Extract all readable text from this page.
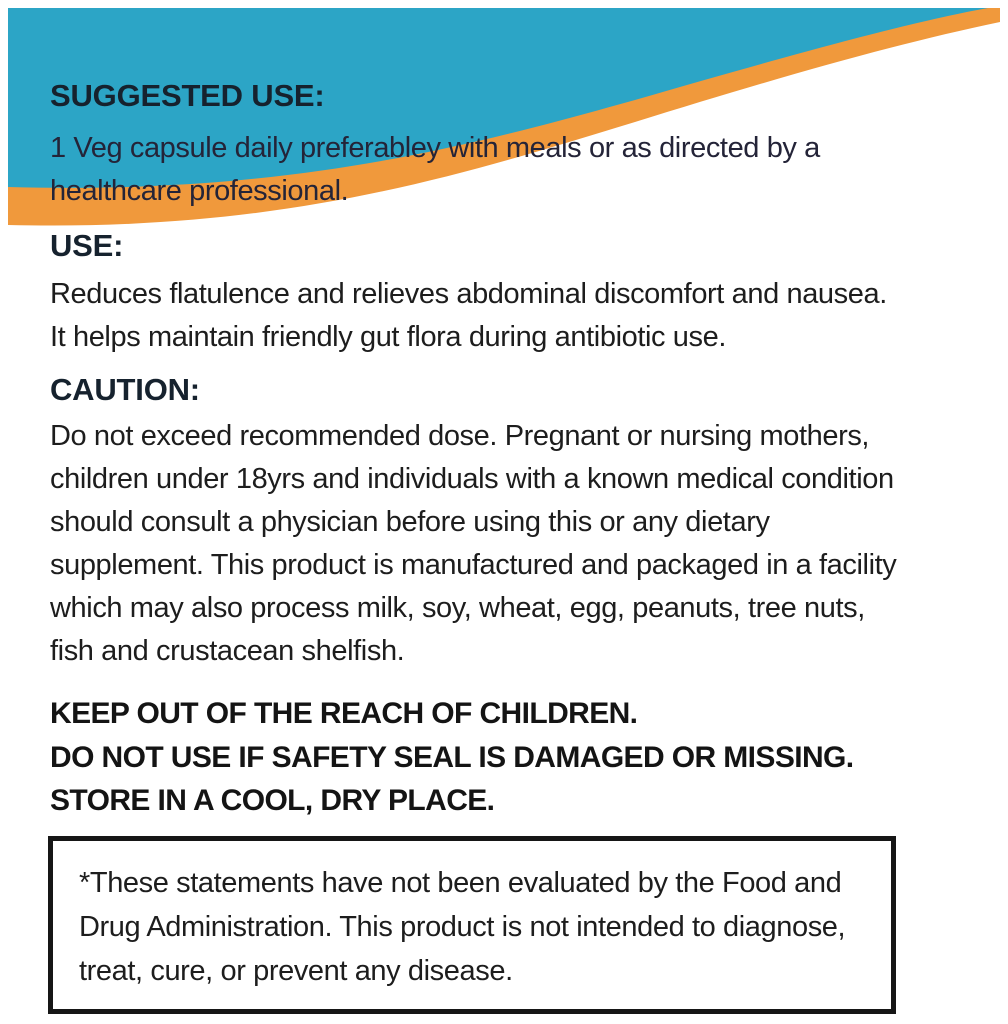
SUGGESTED USE:
1 Veg capsule daily preferabley with meals or as directed by a
healthcare professional.
USE:
Reduces flatulence and relieves abdominal discomfort and nausea.
It helps maintain friendly gut flora during antibiotic use.
CAUTION:
Do not exceed recommended dose. Pregnant or nursing mothers,
children under 18yrs and individuals with a known medical condition
should consult a physician before using this or any dietary
supplement. This product is manufactured and packaged in a facility
which may also process milk, soy, wheat, egg, peanuts, tree nuts,
fish and crustacean shelfish.
KEEP OUT OF THE REACH OF CHILDREN.
DO NOT USE IF SAFETY SEAL IS DAMAGED OR MISSING.
STORE IN A COOL, DRY PLACE.
*These statements have not been evaluated by the Food and
Drug Administration. This product is not intended to diagnose,
treat, cure, or prevent any disease.
